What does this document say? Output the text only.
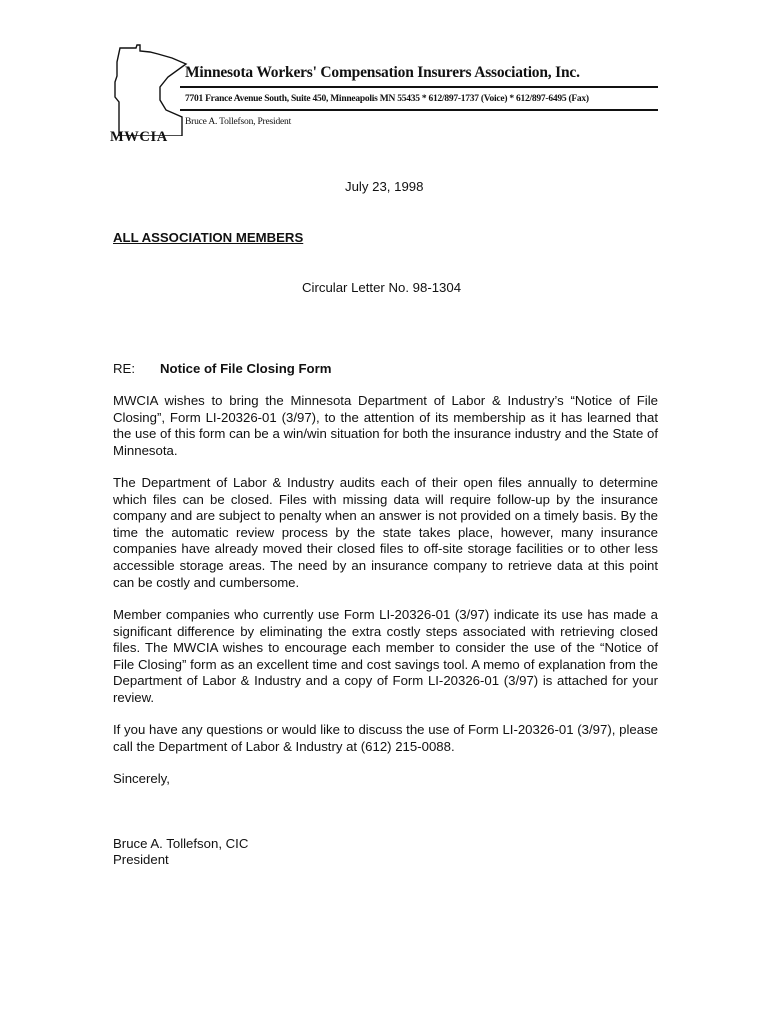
Minnesota Workers' Compensation Insurers Association, Inc.
7701 France Avenue South, Suite 450, Minneapolis MN 55435 * 612/897-1737 (Voice) * 612/897-6495 (Fax)
Bruce A. Tollefson, President
MWCIA
July 23, 1998
ALL ASSOCIATION MEMBERS
Circular Letter No. 98-1304
RE: Notice of File Closing Form

MWCIA wishes to bring the Minnesota Department of Labor & Industry’s “Notice of File Closing”, Form LI-20326-01 (3/97), to the attention of its membership as it has learned that the use of this form can be a win/win situation for both the insurance industry and the State of Minnesota.

The Department of Labor & Industry audits each of their open files annually to determine which files can be closed. Files with missing data will require follow-up by the insurance company and are subject to penalty when an answer is not provided on a timely basis. By the time the automatic review process by the state takes place, however, many insurance companies have already moved their closed files to off-site storage facilities or to other less accessible storage areas. The need by an insurance company to retrieve data at this point can be costly and cumbersome.

Member companies who currently use Form LI-20326-01 (3/97) indicate its use has made a significant difference by eliminating the extra costly steps associated with retrieving closed files. The MWCIA wishes to encourage each member to consider the use of the “Notice of File Closing” form as an excellent time and cost savings tool. A memo of explanation from the Department of Labor & Industry and a copy of Form LI-20326-01 (3/97) is attached for your review.

If you have any questions or would like to discuss the use of Form LI-20326-01 (3/97), please call the Department of Labor & Industry at (612) 215-0088.

Sincerely,
Bruce A. Tollefson, CIC
President
